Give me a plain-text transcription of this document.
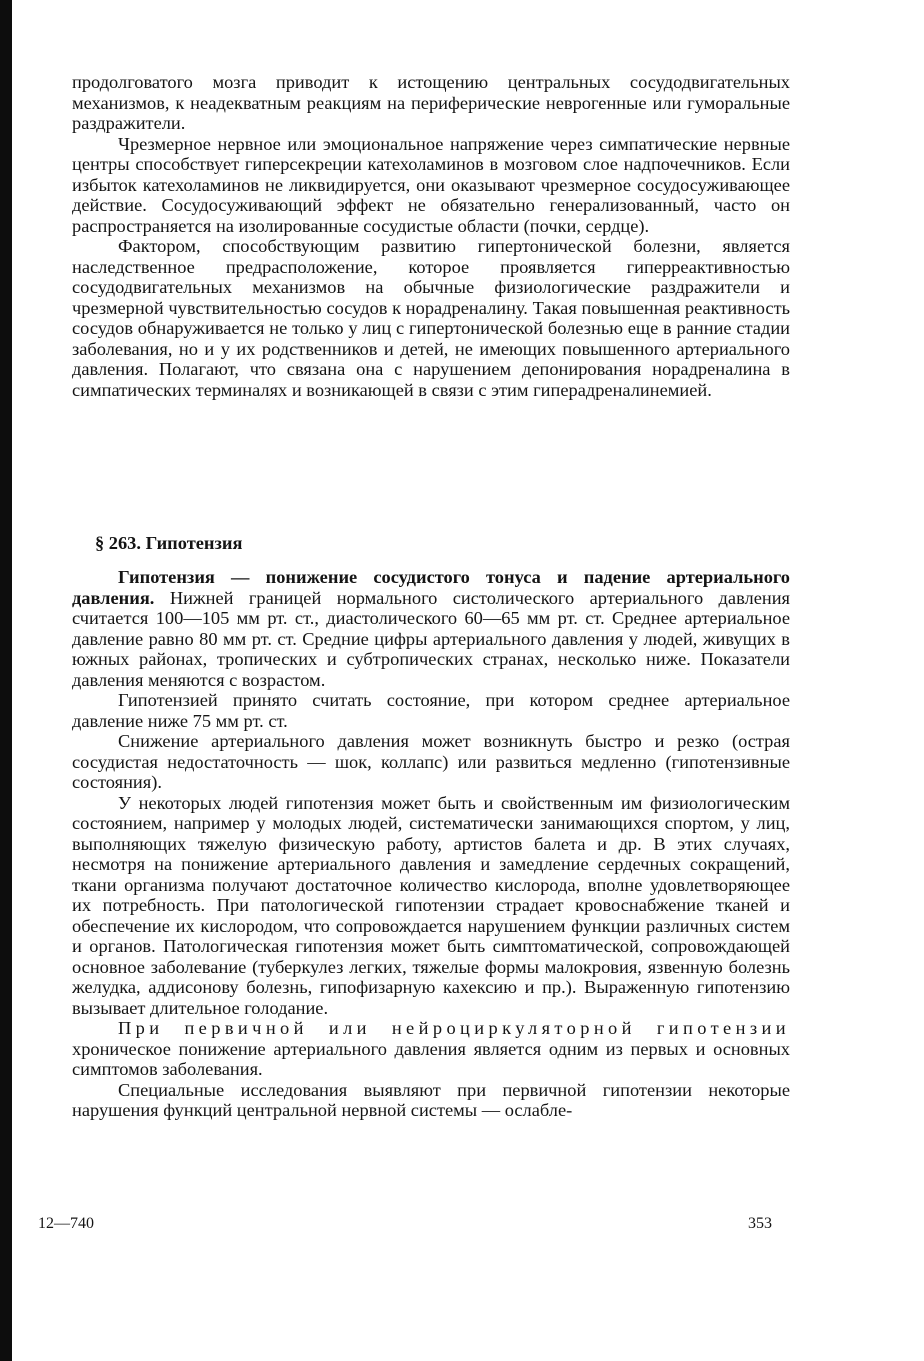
продолговатого мозга приводит к истощению центральных сосудодвигательных механизмов, к неадекватным реакциям на периферические неврогенные или гуморальные раздражители.

Чрезмерное нервное или эмоциональное напряжение через симпатические нервные центры способствует гиперсекреции катехоламинов в мозговом слое надпочечников. Если избыток катехоламинов не ликвидируется, они оказывают чрезмерное сосудосуживающее действие. Сосудосуживающий эффект не обязательно генерализованный, часто он распространяется на изолированные сосудистые области (почки, сердце).

Фактором, способствующим развитию гипертонической болезни, является наследственное предрасположение, которое проявляется гиперреактивностью сосудодвигательных механизмов на обычные физиологические раздражители и чрезмерной чувствительностью сосудов к норадреналину. Такая повышенная реактивность сосудов обнаруживается не только у лиц с гипертонической болезнью еще в ранние стадии заболевания, но и у их родственников и детей, не имеющих повышенного артериального давления. Полагают, что связана она с нарушением депонирования норадреналина в симпатических терминалях и возникающей в связи с этим гиперадреналинемией.

§ 263. Гипотензия

Гипотензия — понижение сосудистого тонуса и падение артериального давления. Нижней границей нормального систолического артериального давления считается 100—105 мм рт. ст., диастолического 60—65 мм рт. ст. Среднее артериальное давление равно 80 мм рт. ст. Средние цифры артериального давления у людей, живущих в южных районах, тропических и субтропических странах, несколько ниже. Показатели давления меняются с возрастом.

Гипотензией принято считать состояние, при котором среднее артериальное давление ниже 75 мм рт. ст.

Снижение артериального давления может возникнуть быстро и резко (острая сосудистая недостаточность — шок, коллапс) или развиться медленно (гипотензивные состояния).

У некоторых людей гипотензия может быть и свойственным им физиологическим состоянием, например у молодых людей, систематически занимающихся спортом, у лиц, выполняющих тяжелую физическую работу, артистов балета и др. В этих случаях, несмотря на понижение артериального давления и замедление сердечных сокращений, ткани организма получают достаточное количество кислорода, вполне удовлетворяющее их потребность. При патологической гипотензии страдает кровоснабжение тканей и обеспечение их кислородом, что сопровождается нарушением функции различных систем и органов. Патологическая гипотензия может быть симптоматической, сопровождающей основное заболевание (туберкулез легких, тяжелые формы малокровия, язвенную болезнь желудка, аддисонову болезнь, гипофизарную кахексию и пр.). Выраженную гипотензию вызывает длительное голодание.

При первичной или нейроциркуляторной гипотензии хроническое понижение артериального давления является одним из первых и основных симптомов заболевания.

Специальные исследования выявляют при первичной гипотензии некоторые нарушения функций центральной нервной системы — ослабле-

12—740	353
